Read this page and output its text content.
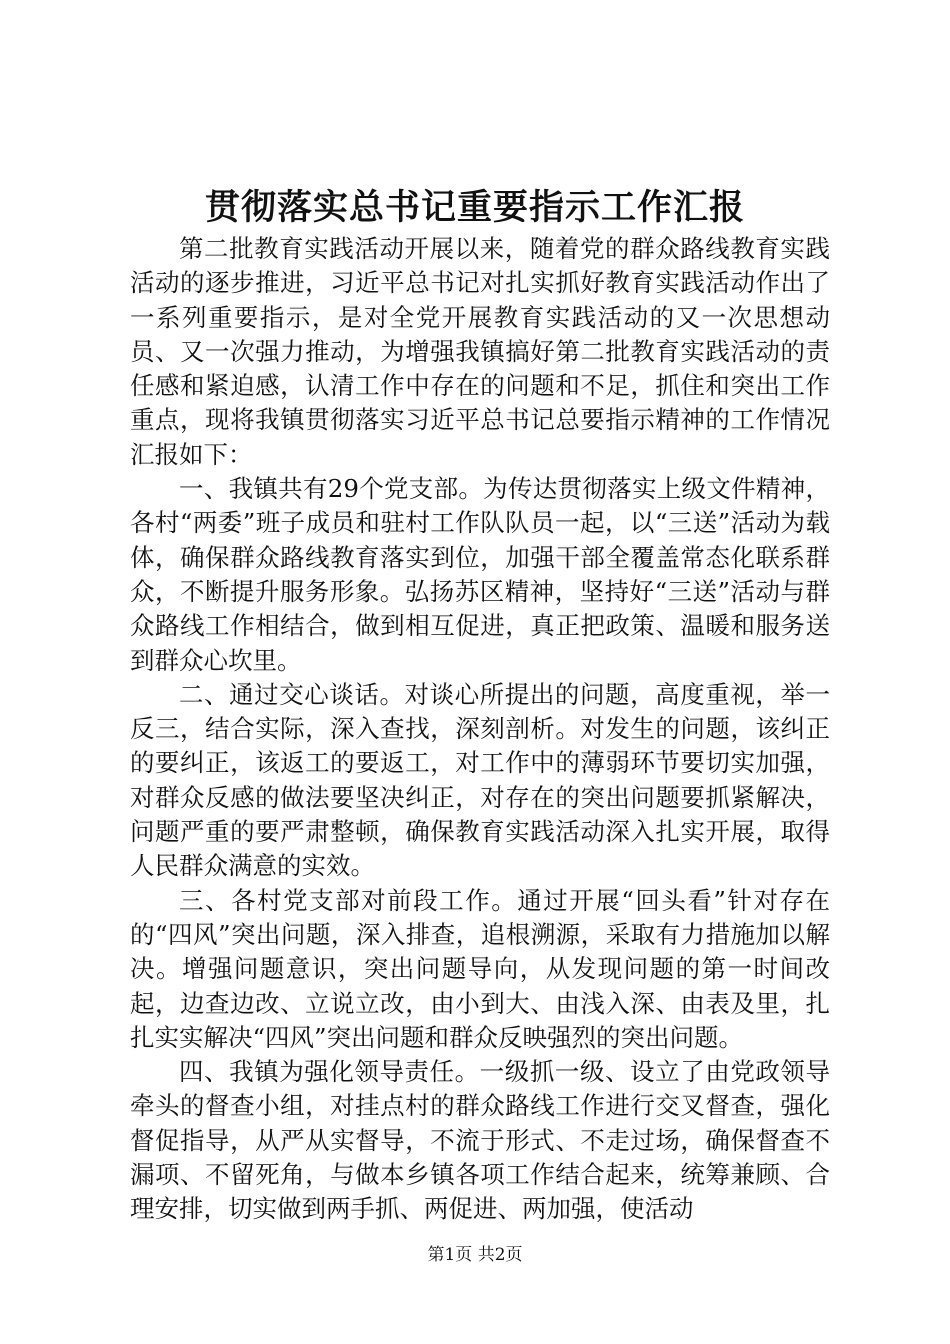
贯彻落实总书记重要指示工作汇报

第二批教育实践活动开展以来，随着党的群众路线教育实践活动的逐步推进，习近平总书记对扎实抓好教育实践活动作出了一系列重要指示，是对全党开展教育实践活动的又一次思想动员、又一次强力推动，为增强我镇搞好第二批教育实践活动的责任感和紧迫感，认清工作中存在的问题和不足，抓住和突出工作重点，现将我镇贯彻落实习近平总书记总要指示精神的工作情况汇报如下：

一、我镇共有29个党支部。为传达贯彻落实上级文件精神，各村“两委”班子成员和驻村工作队队员一起，以“三送”活动为载体，确保群众路线教育落实到位，加强干部全覆盖常态化联系群众，不断提升服务形象。弘扬苏区精神，坚持好“三送”活动与群众路线工作相结合，做到相互促进，真正把政策、温暖和服务送到群众心坎里。

二、通过交心谈话。对谈心所提出的问题，高度重视，举一反三，结合实际，深入查找，深刻剖析。对发生的问题，该纠正的要纠正，该返工的要返工，对工作中的薄弱环节要切实加强，对群众反感的做法要坚决纠正，对存在的突出问题要抓紧解决，问题严重的要严肃整顿，确保教育实践活动深入扎实开展，取得人民群众满意的实效。

三、各村党支部对前段工作。通过开展“回头看”针对存在的“四风”突出问题，深入排查，追根溯源，采取有力措施加以解决。增强问题意识，突出问题导向，从发现问题的第一时间改起，边查边改、立说立改，由小到大、由浅入深、由表及里，扎扎实实解决“四风”突出问题和群众反映强烈的突出问题。

四、我镇为强化领导责任。一级抓一级、设立了由党政领导牵头的督查小组，对挂点村的群众路线工作进行交叉督查，强化督促指导，从严从实督导，不流于形式、不走过场，确保督查不漏项、不留死角，与做本乡镇各项工作结合起来，统筹兼顾、合理安排，切实做到两手抓、两促进、两加强，使活动

第1页 共2页
